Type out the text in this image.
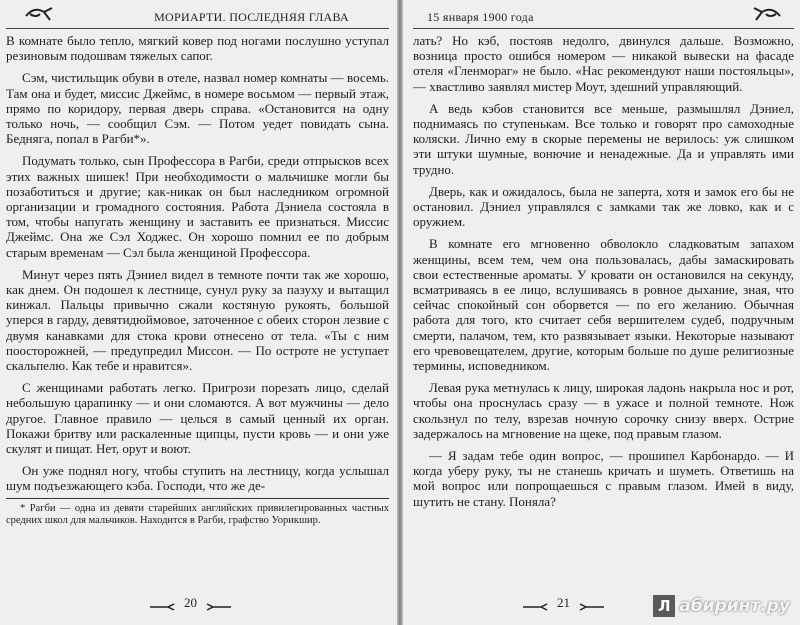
МОРИАРТИ. ПОСЛЕДНЯЯ ГЛАВА

В комнате было тепло, мягкий ковер под ногами послушно уступал резиновым подошвам тяжелых сапог.

Сэм, чистильщик обуви в отеле, назвал номер комнаты — восемь. Там она и будет, миссис Джеймс, в номере восьмом — первый этаж, прямо по коридору, первая дверь справа. «Остановится на одну только ночь, — сообщил Сэм. — Потом уедет повидать сына. Бедняга, попал в Рагби*».

Подумать только, сын Профессора в Рагби, среди отпрысков всех этих важных шишек! При необходимости о мальчишке могли бы позаботиться и другие; как-никак он был наследником огромной организации и громадного состояния. Работа Дэниела состояла в том, чтобы напугать женщину и заставить ее признаться. Миссис Джеймс. Она же Сэл Ходжес. Он хорошо помнил ее по добрым старым временам — Сэл была женщиной Профессора.

Минут через пять Дэниел видел в темноте почти так же хорошо, как днем. Он подошел к лестнице, сунул руку за пазуху и вытащил кинжал. Пальцы привычно сжали костяную рукоять, большой уперся в гарду, девятидюймовое, заточенное с обеих сторон лезвие с двумя канавками для стока крови отнесено от тела. «Ты с ним поосторожней, — предупредил Миссон. — По остроте не уступает скальпелю. Как тебе и нравится».

С женщинами работать легко. Пригрози порезать лицо, сделай небольшую царапинку — и они сломаются. А вот мужчины — дело другое. Главное правило — целься в самый ценный их орган. Покажи бритву или раскаленные щипцы, пусти кровь — и они уже скулят и пищат. Нет, орут и воют.

Он уже поднял ногу, чтобы ступить на лестницу, когда услышал шум подъезжающего кэба. Господи, что же де-

* Рагби — одна из девяти старейших английских привилегированных частных средних школ для мальчиков. Находится в Рагби, графство Уорикшир.
20
15 января 1900 года

лать? Но кэб, постояв недолго, двинулся дальше. Возможно, возница просто ошибся номером — никакой вывески на фасаде отеля «Гленмораг» не было. «Нас рекомендуют наши постояльцы», — хвастливо заявлял мистер Моут, здешний управляющий.

А ведь кэбов становится все меньше, размышлял Дэниел, поднимаясь по ступенькам. Все только и говорят про самоходные коляски. Лично ему в скорые перемены не верилось: уж слишком эти штуки шумные, вонючие и ненадежные. Да и управлять ими трудно.

Дверь, как и ожидалось, была не заперта, хотя и замок его бы не остановил. Дэниел управлялся с замками так же ловко, как и с оружием.

В комнате его мгновенно обволокло сладковатым запахом женщины, всем тем, чем она пользовалась, дабы замаскировать свои естественные ароматы. У кровати он остановился на секунду, всматриваясь в ее лицо, вслушиваясь в ровное дыхание, зная, что сейчас спокойный сон оборвется — по его желанию. Обычная работа для того, кто считает себя вершителем судеб, подручным смерти, палачом, тем, кто развязывает языки. Некоторые называют его чревовещателем, другие, которым больше по душе религиозные термины, исповедником.

Левая рука метнулась к лицу, широкая ладонь накрыла нос и рот, чтобы она проснулась сразу — в ужасе и полной темноте. Нож скользнул по телу, взрезав ночную сорочку снизу вверх. Острие задержалось на мгновение на щеке, под правым глазом.

— Я задам тебе один вопрос, — прошипел Карбонардо. — И когда уберу руку, ты не станешь кричать и шуметь. Ответишь на мой вопрос или попрощаешься с правым глазом. Имей в виду, шутить не стану. Поняла?

21	Л абиринт.ру
